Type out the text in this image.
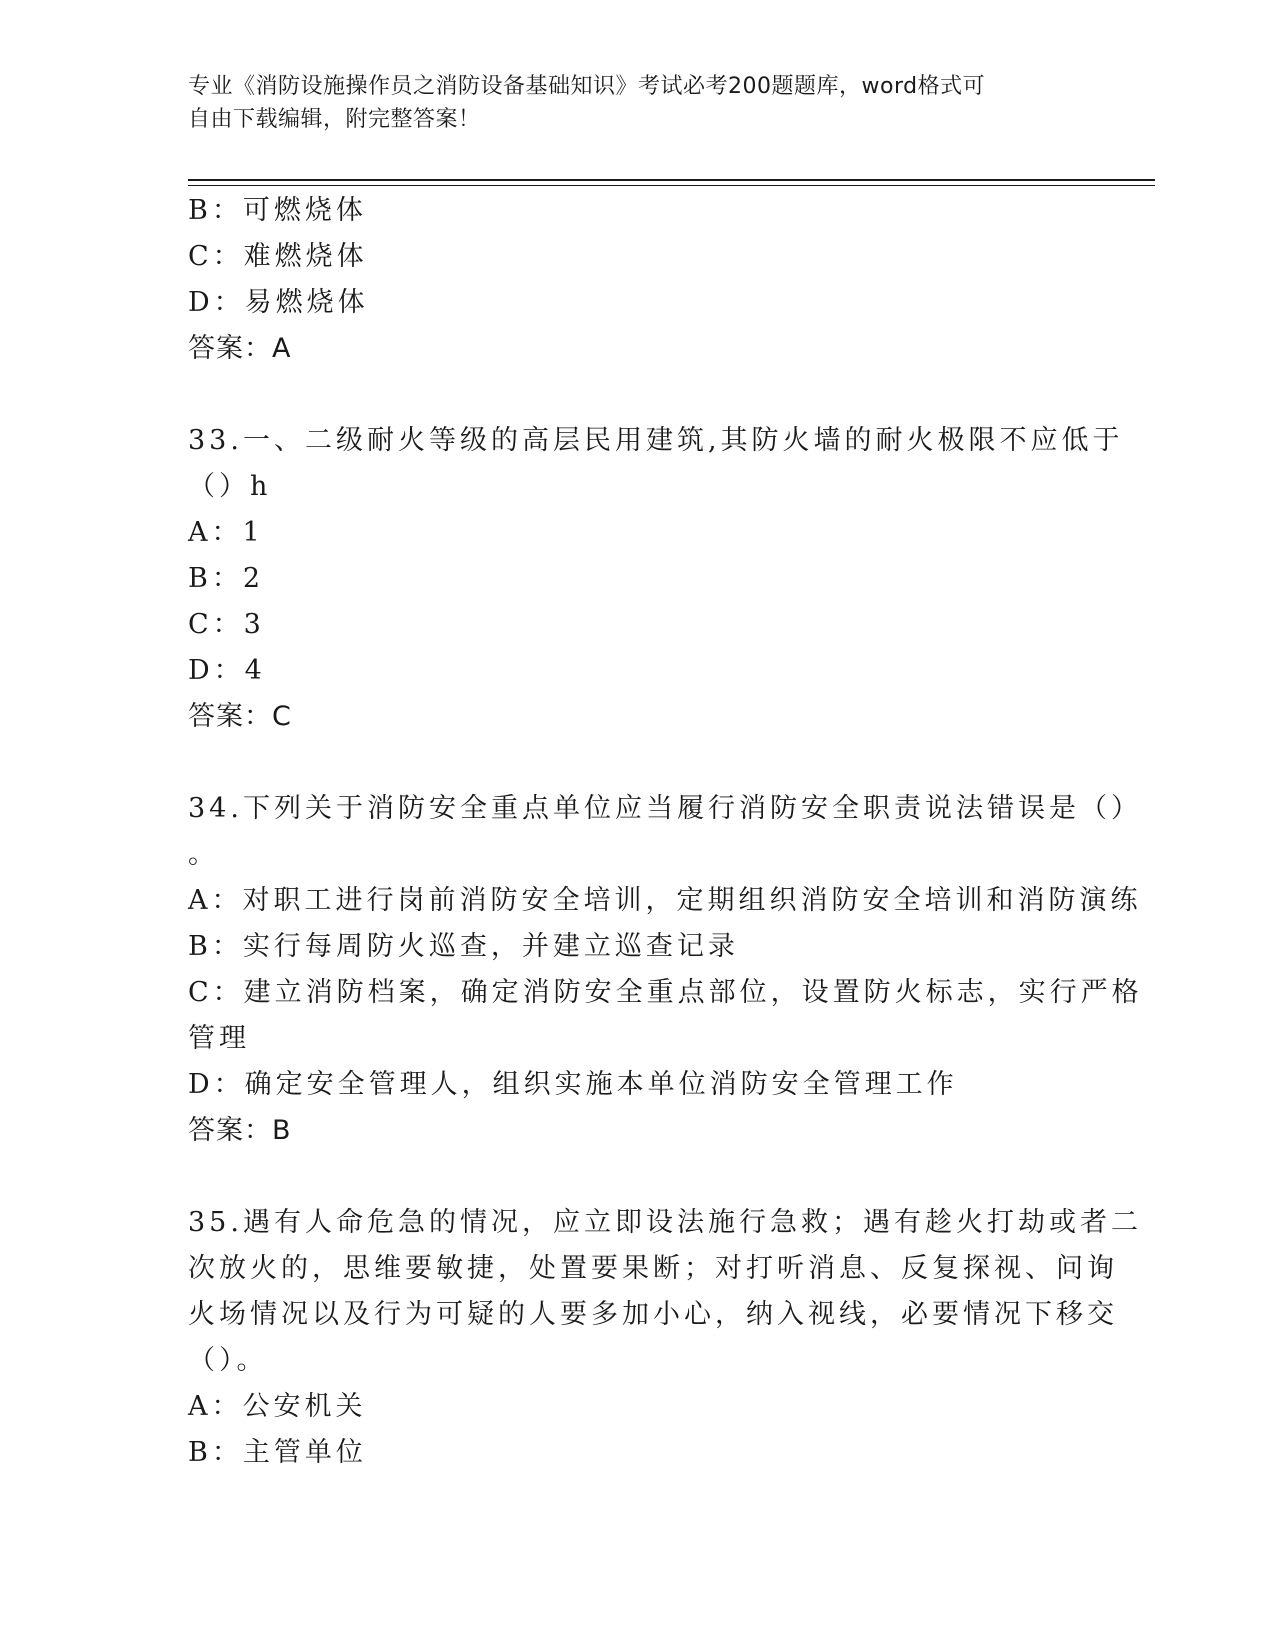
专业《消防设施操作员之消防设备基础知识》考试必考200题题库，word格式可
自由下载编辑，附完整答案！
B：可燃烧体
C：难燃烧体
D：易燃烧体
答案：A
33.一、二级耐火等级的高层民用建筑,其防火墙的耐火极限不应低于
（）h
A：1
B：2
C：3
D：4
答案：C
34.下列关于消防安全重点单位应当履行消防安全职责说法错误是（）
。
A：对职工进行岗前消防安全培训，定期组织消防安全培训和消防演练
B：实行每周防火巡查，并建立巡查记录
C：建立消防档案，确定消防安全重点部位，设置防火标志，实行严格
管理
D：确定安全管理人，组织实施本单位消防安全管理工作
答案：B
35.遇有人命危急的情况，应立即设法施行急救；遇有趁火打劫或者二
次放火的，思维要敏捷，处置要果断；对打听消息、反复探视、问询
火场情况以及行为可疑的人要多加小心，纳入视线，必要情况下移交
（）。
A：公安机关
B：主管单位
